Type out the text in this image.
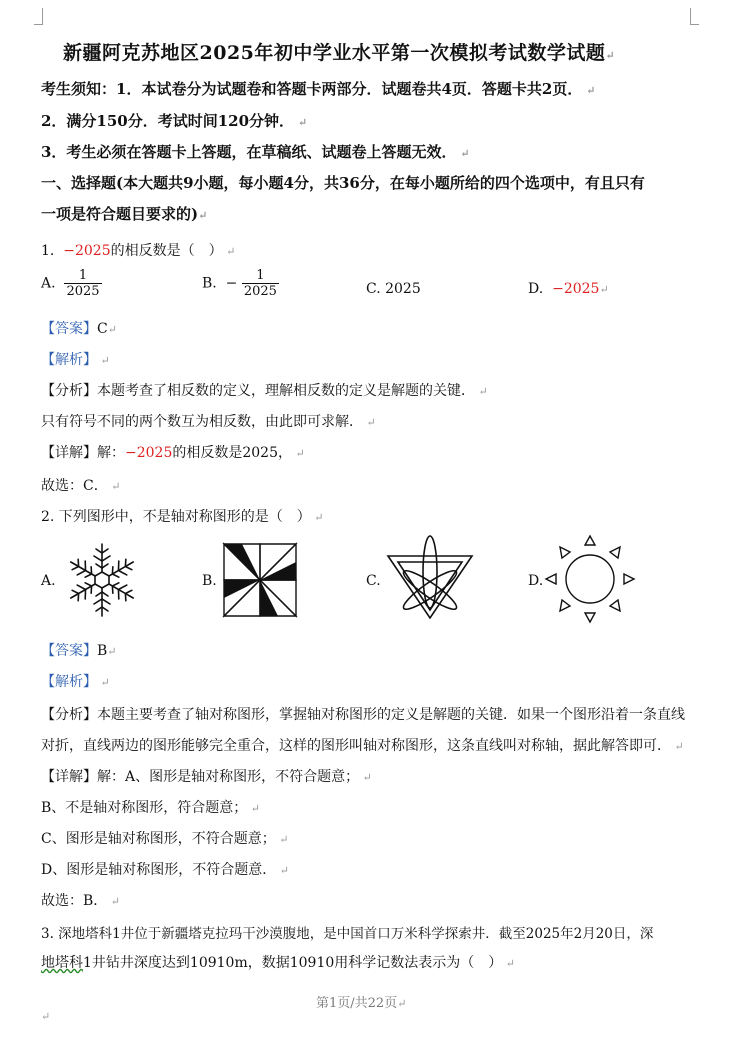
新疆阿克苏地区2025年初中学业水平第一次模拟考试数学试题↵
考生须知：1．本试卷分为试题卷和答题卡两部分．试题卷共4页．答题卡共2页． ↵
2．满分150分．考试时间120分钟． ↵
3．考生必须在答题卡上答题，在草稿纸、试题卷上答题无效． ↵
一、选择题(本大题共9小题，每小题4分，共36分，在每小题所给的四个选项中，有且只有
一项是符合题目要求的)↵
1. −2025的相反数是（　） ↵
A. $\frac{1}{2025}$	B. − $\frac{1}{2025}$	C. 2025	D. −2025↵
【答案】C↵
【解析】 ↵
【分析】本题考查了相反数的定义，理解相反数的定义是解题的关键． ↵
只有符号不同的两个数互为相反数，由此即可求解． ↵
【详解】解：−2025的相反数是2025， ↵
故选：C． ↵
2. 下列图形中，不是轴对称图形的是（　） ↵
A.	B.	C.	D.
【答案】B↵
【解析】 ↵
【分析】本题主要考查了轴对称图形，掌握轴对称图形的定义是解题的关键．如果一个图形沿着一条直线
对折，直线两边的图形能够完全重合，这样的图形叫轴对称图形，这条直线叫对称轴，据此解答即可． ↵
【详解】解：A、图形是轴对称图形，不符合题意； ↵
B、不是轴对称图形，符合题意； ↵
C、图形是轴对称图形，不符合题意； ↵
D、图形是轴对称图形，不符合题意． ↵
故选：B． ↵
3. 深地塔科1井位于新疆塔克拉玛干沙漠腹地，是中国首口万米科学探索井．截至2025年2月20日，深
地塔科1井钻井深度达到10910m，数据10910用科学记数法表示为（　） ↵
第1页/共22页↵
↵
